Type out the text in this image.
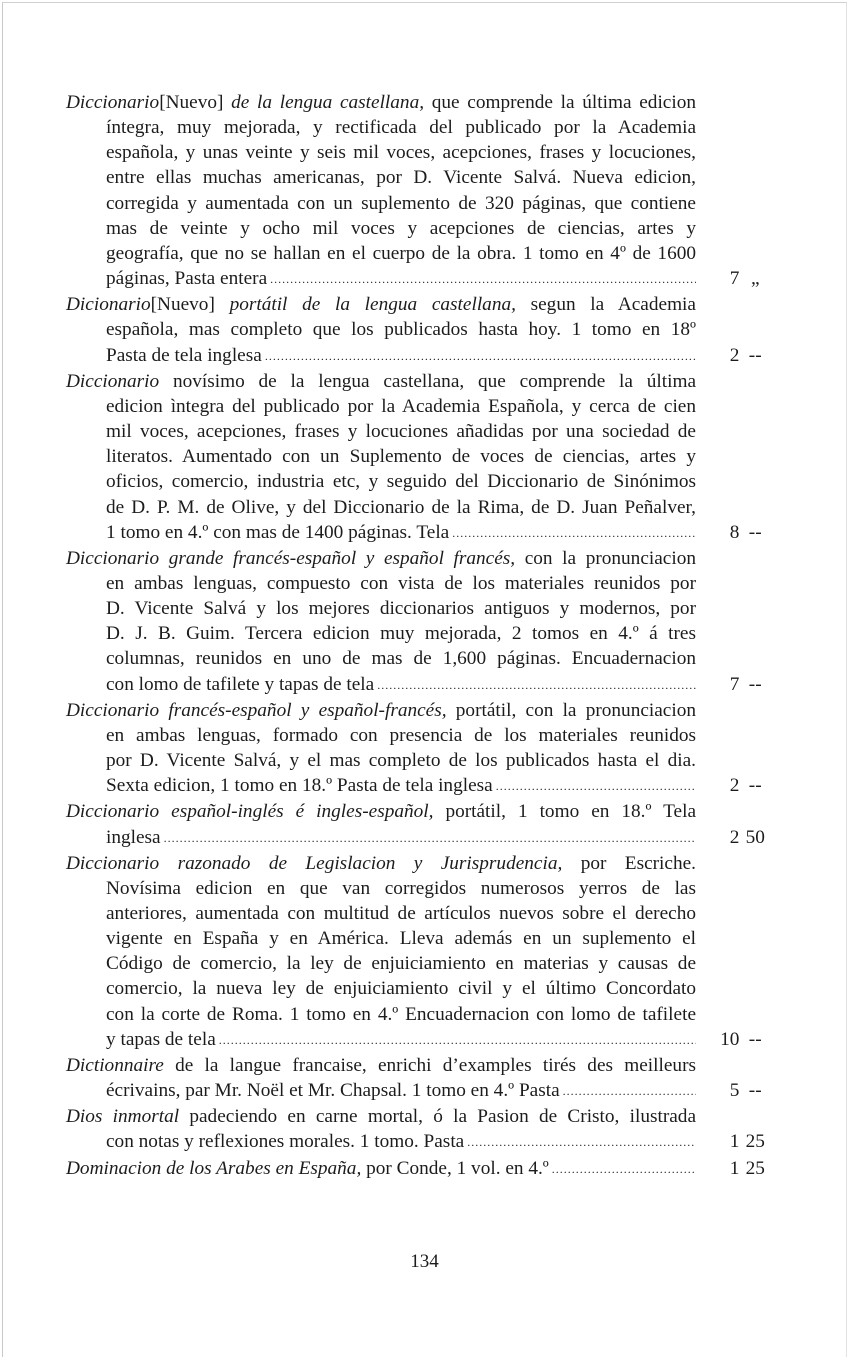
Diccionario[Nuevo] de la lengua castellana, que comprende la última edicion
íntegra, muy mejorada, y rectificada del publicado por la Academia
española, y unas veinte y seis mil voces, acepciones, frases y locuciones,
entre ellas muchas americanas, por D. Vicente Salvá. Nueva edicion,
corregida y aumentada con un suplemento de 320 páginas, que contiene
mas de veinte y ocho mil voces y acepciones de ciencias, artes y
geografía, que no se hallan en el cuerpo de la obra. 1 tomo en 4º de 1600
páginas, Pasta entera .....	7 „
Dicionario[Nuevo] portátil de la lengua castellana, segun la Academia
española, mas completo que los publicados hasta hoy. 1 tomo en 18º
Pasta de tela inglesa .....	2 --
Diccionario novísimo de la lengua castellana, que comprende la última
edicion ìntegra del publicado por la Academia Española, y cerca de cien
mil voces, acepciones, frases y locuciones añadidas por una sociedad de
literatos. Aumentado con un Suplemento de voces de ciencias, artes y
oficios, comercio, industria etc, y seguido del Diccionario de Sinónimos
de D. P. M. de Olive, y del Diccionario de la Rima, de D. Juan Peñalver,
1 tomo en 4.º con mas de 1400 páginas. Tela .....	8 --
Diccionario grande francés-español y español francés, con la pronunciacion
en ambas lenguas, compuesto con vista de los materiales reunidos por
D. Vicente Salvá y los mejores diccionarios antiguos y modernos, por
D. J. B. Guim. Tercera edicion muy mejorada, 2 tomos en 4.º á tres
columnas, reunidos en uno de mas de 1,600 páginas. Encuadernacion
con lomo de tafilete y tapas de tela .....	7 --
Diccionario francés-español y español-francés, portátil, con la pronunciacion
en ambas lenguas, formado con presencia de los materiales reunidos
por D. Vicente Salvá, y el mas completo de los publicados hasta el dia.
Sexta edicion, 1 tomo en 18.º Pasta de tela inglesa .....	2 --
Diccionario español-inglés é ingles-español, portátil, 1 tomo en 18.º Tela
inglesa .....	2 50
Diccionario razonado de Legislacion y Jurisprudencia, por Escriche.
Novísima edicion en que van corregidos numerosos yerros de las
anteriores, aumentada con multitud de artículos nuevos sobre el derecho
vigente en España y en América. Lleva además en un suplemento el
Código de comercio, la ley de enjuiciamiento en materias y causas de
comercio, la nueva ley de enjuiciamiento civil y el último Concordato
con la corte de Roma. 1 tomo en 4.º Encuadernacion con lomo de tafilete
y tapas de tela .....	10 --
Dictionnaire de la langue francaise, enrichi d’examples tirés des meilleurs
écrivains, par Mr. Noël et Mr. Chapsal. 1 tomo en 4.º Pasta .....	5 --
Dios inmortal padeciendo en carne mortal, ó la Pasion de Cristo, ilustrada
con notas y reflexiones morales. 1 tomo. Pasta .....	1 25
Dominacion de los Arabes en España, por Conde, 1 vol. en 4.º .....	1 25
134
